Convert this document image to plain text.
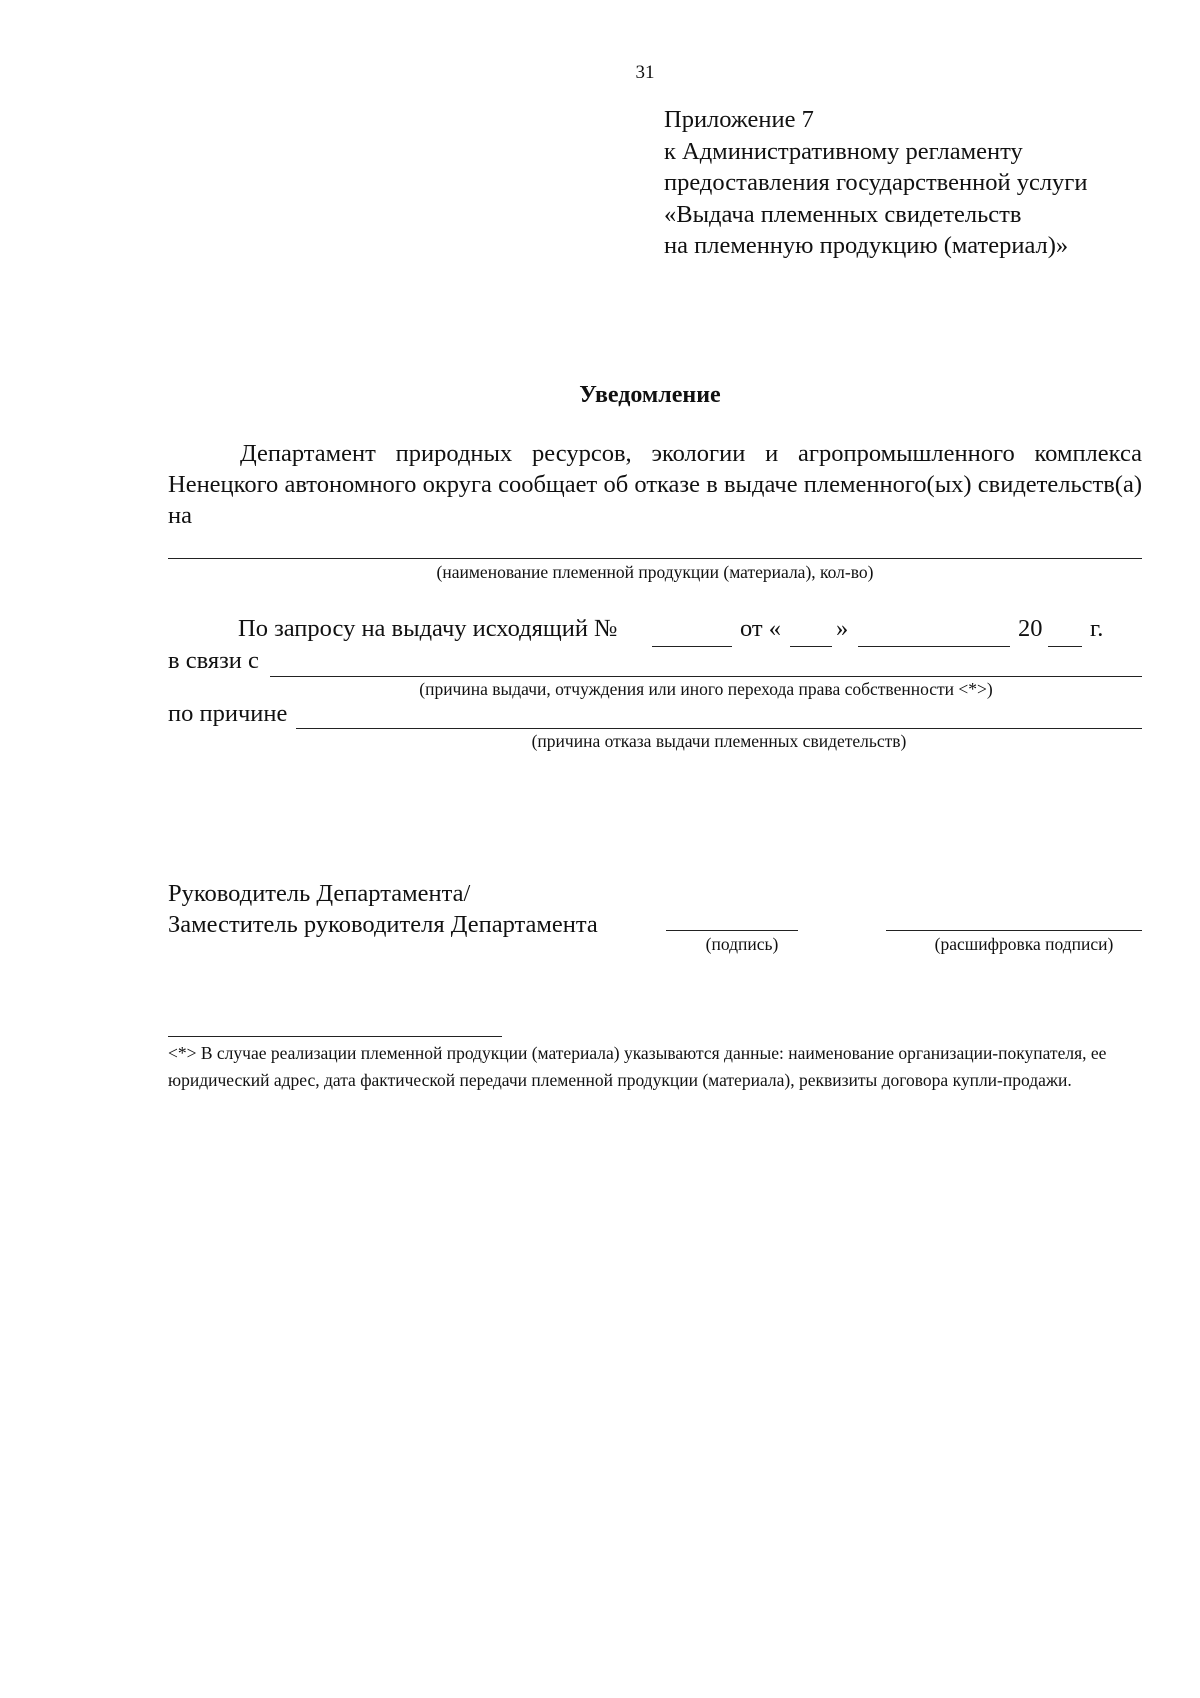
31
Приложение 7
к Административному регламенту
предоставления государственной услуги
«Выдача племенных свидетельств
на племенную продукцию (материал)»
Уведомление
Департамент природных ресурсов, экологии и агропромышленного комплекса Ненецкого автономного округа сообщает об отказе в выдаче племенного(ых) свидетельств(а) на
(наименование племенной продукции (материала), кол-во)
По запросу на выдачу исходящий №	от « »	20 г.
в связи с
(причина выдачи, отчуждения или иного перехода права собственности <*>)
по причине
(причина отказа выдачи племенных свидетельств)
Руководитель Департамента/
Заместитель руководителя Департамента
(подпись)	(расшифровка подписи)
<*> В случае реализации племенной продукции (материала) указываются данные: наименование организации-покупателя, ее юридический адрес, дата фактической передачи племенной продукции (материала), реквизиты договора купли-продажи.
